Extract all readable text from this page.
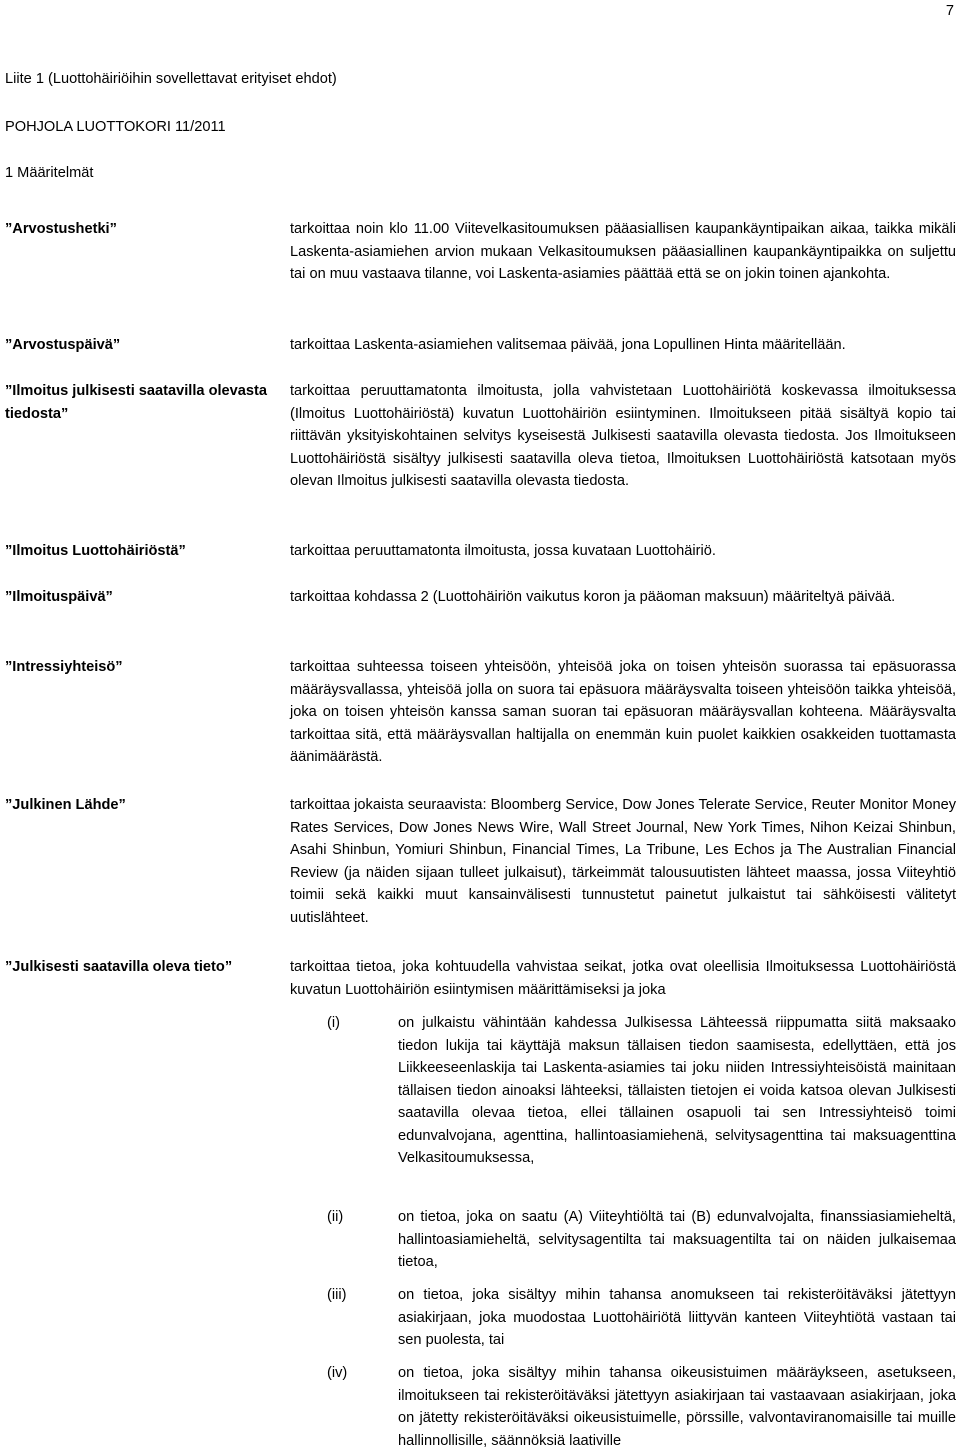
7
Liite 1 (Luottohäiriöihin sovellettavat erityiset ehdot)
POHJOLA LUOTTOKORI 11/2011
1 Määritelmät
”Arvostushetki”	tarkoittaa noin klo 11.00 Viitevelkasitoumuksen pääasiallisen kaupankäyntipaikan aikaa, taikka mikäli Laskenta-asiamiehen arvion mukaan Velkasitoumuksen pääasiallinen kaupankäyntipaikka on suljettu tai on muu vastaava tilanne, voi Laskenta-asiamies päättää että se on jokin toinen ajankohta.
”Arvostuspäivä”	tarkoittaa Laskenta-asiamiehen valitsemaa päivää, jona Lopullinen Hinta määritellään.
”Ilmoitus julkisesti saatavilla olevasta tiedosta”
tarkoittaa peruuttamatonta ilmoitusta, jolla vahvistetaan Luottohäiriötä koskevassa ilmoituksessa (Ilmoitus Luottohäiriöstä) kuvatun Luottohäiriön esiintyminen. Ilmoitukseen pitää sisältyä kopio tai riittävän yksityiskohtainen selvitys kyseisestä Julkisesti saatavilla olevasta tiedosta. Jos Ilmoitukseen Luottohäiriöstä sisältyy julkisesti saatavilla oleva tietoa, Ilmoituksen Luottohäiriöstä katsotaan myös olevan Ilmoitus julkisesti saatavilla olevasta tiedosta.
”Ilmoitus Luottohäiriöstä”	tarkoittaa peruuttamatonta ilmoitusta, jossa kuvataan Luottohäiriö.
”Ilmoituspäivä”	tarkoittaa kohdassa 2 (Luottohäiriön vaikutus koron ja pääoman maksuun) määriteltyä päivää.
”Intressiyhteisö”	tarkoittaa suhteessa toiseen yhteisöön, yhteisöä joka on toisen yhteisön suorassa tai epäsuorassa määräysvallassa, yhteisöä jolla on suora tai epäsuora määräysvalta toiseen yhteisöön taikka yhteisöä, joka on toisen yhteisön kanssa saman suoran tai epäsuoran määräysvallan kohteena. Määräysvalta tarkoittaa sitä, että määräysvallan haltijalla on enemmän kuin puolet kaikkien osakkeiden tuottamasta äänimäärästä.
”Julkinen Lähde”	tarkoittaa jokaista seuraavista: Bloomberg Service, Dow Jones Telerate Service, Reuter Monitor Money Rates Services, Dow Jones News Wire, Wall Street Journal, New York Times, Nihon Keizai Shinbun, Asahi Shinbun, Yomiuri Shinbun, Financial Times, La Tribune, Les Echos ja The Australian Financial Review (ja näiden sijaan tulleet julkaisut), tärkeimmät talousuutisten lähteet maassa, jossa Viiteyhtiö toimii sekä kaikki muut kansainvälisesti tunnustetut painetut julkaistut tai sähköisesti välitetyt uutislähteet.
”Julkisesti saatavilla oleva tieto”	tarkoittaa tietoa, joka kohtuudella vahvistaa seikat, jotka ovat oleellisia Ilmoituksessa Luottohäiriöstä kuvatun Luottohäiriön esiintymisen määrittämiseksi ja joka
(i)	on julkaistu vähintään kahdessa Julkisessa Lähteessä riippumatta siitä maksaako tiedon lukija tai käyttäjä maksun tällaisen tiedon saamisesta, edellyttäen, että jos Liikkeeseenlaskija tai Laskenta-asiamies tai joku niiden Intressiyhteisöistä mainitaan tällaisen tiedon ainoaksi lähteeksi, tällaisten tietojen ei voida katsoa olevan Julkisesti saatavilla olevaa tietoa, ellei tällainen osapuoli tai sen Intressiyhteisö toimi edunvalvojana, agenttina, hallintoasiamiehenä, selvitysagenttina tai maksuagenttina Velkasitoumuksessa,
(ii)	on tietoa, joka on saatu (A) Viiteyhtiöltä tai (B) edunvalvojalta, finanssiasiamieheltä, hallintoasiamieheltä, selvitysagentilta tai maksuagentilta tai on näiden julkaisemaa tietoa,
(iii)	on tietoa, joka sisältyy mihin tahansa anomukseen tai rekisteröitäväksi jätettyyn asiakirjaan, joka muodostaa Luottohäiriötä liittyvän kanteen Viiteyhtiötä vastaan tai sen puolesta, tai
(iv)	on tietoa, joka sisältyy mihin tahansa oikeusistuimen määräykseen, asetukseen, ilmoitukseen tai rekisteröitäväksi jätettyyn asiakirjaan tai vastaavaan asiakirjaan, joka on jätetty rekisteröitäväksi oikeusistuimelle, pörssille, valvontaviranomaisille tai muille hallinnollisille, säännöksiä laativille
